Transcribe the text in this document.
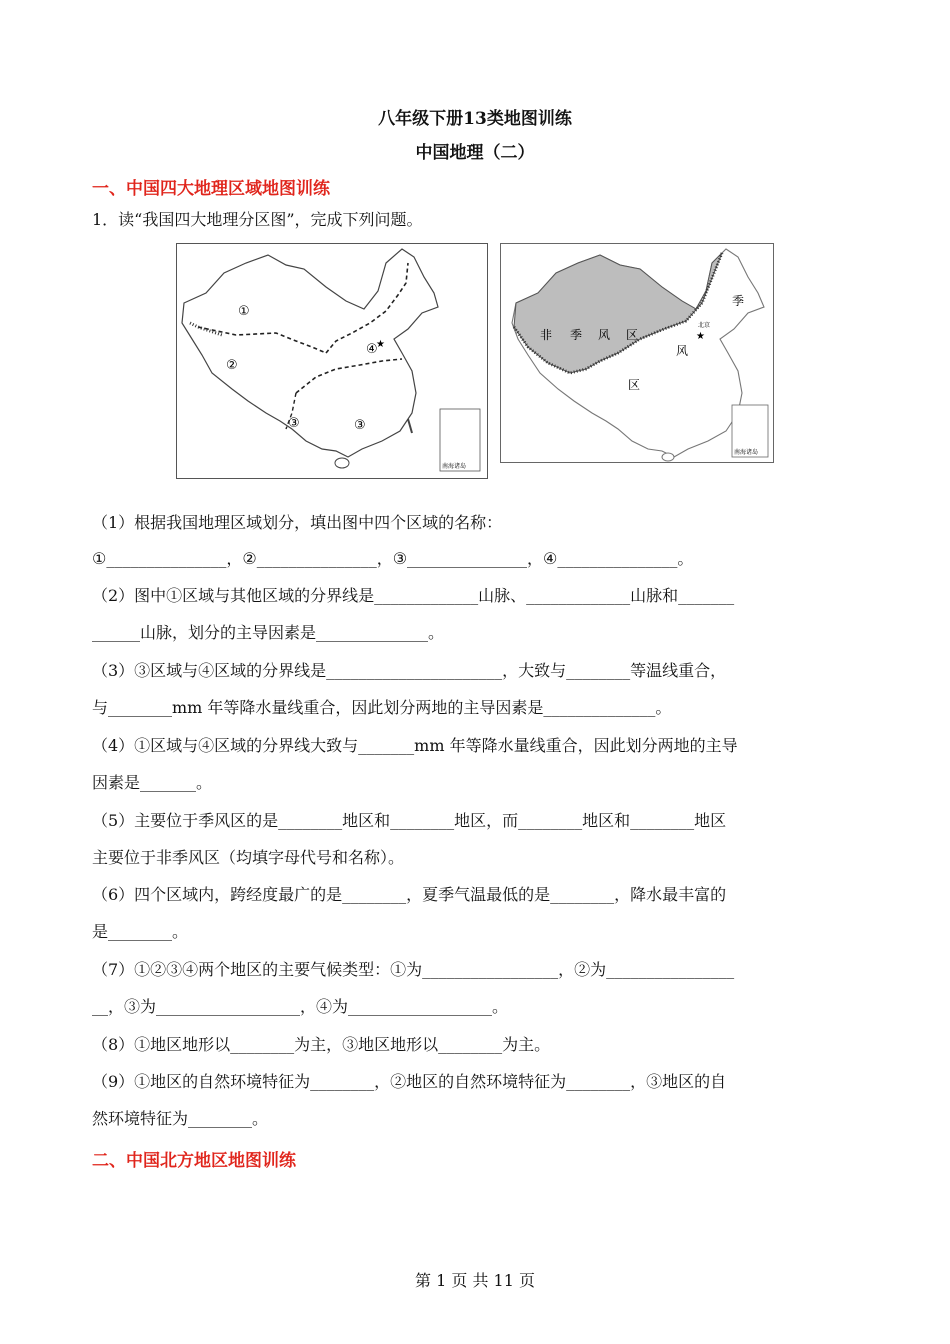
八年级下册13类地图训练
中国地理（二）
一、中国四大地理区域地图训练
1．读“我国四大地理分区图”，完成下列问题。
①
②
③	③
④
★
南海诸岛
非 季 风 区
季
风
区
★
北京
南海诸岛
（1）根据我国地理区域划分，填出图中四个区域的名称：
①_______________，②_______________，③_______________，④_______________。
（2）图中①区域与其他区域的分界线是_____________山脉、_____________山脉和_______
______山脉，划分的主导因素是______________。
（3）③区域与④区域的分界线是______________________，大致与________等温线重合，
与________mm 年等降水量线重合，因此划分两地的主导因素是______________。
（4）①区域与④区域的分界线大致与_______mm 年等降水量线重合，因此划分两地的主导
因素是_______。
（5）主要位于季风区的是________地区和________地区，而________地区和________地区
主要位于非季风区（均填字母代号和名称）。
（6）四个区域内，跨经度最广的是________，夏季气温最低的是________，降水最丰富的
是________。
（7）①②③④两个地区的主要气候类型：①为_________________，②为________________
__，③为__________________，④为__________________。
（8）①地区地形以________为主，③地区地形以________为主。
（9）①地区的自然环境特征为________，②地区的自然环境特征为________，③地区的自
然环境特征为________。
二、中国北方地区地图训练
第 1 页 共 11 页
